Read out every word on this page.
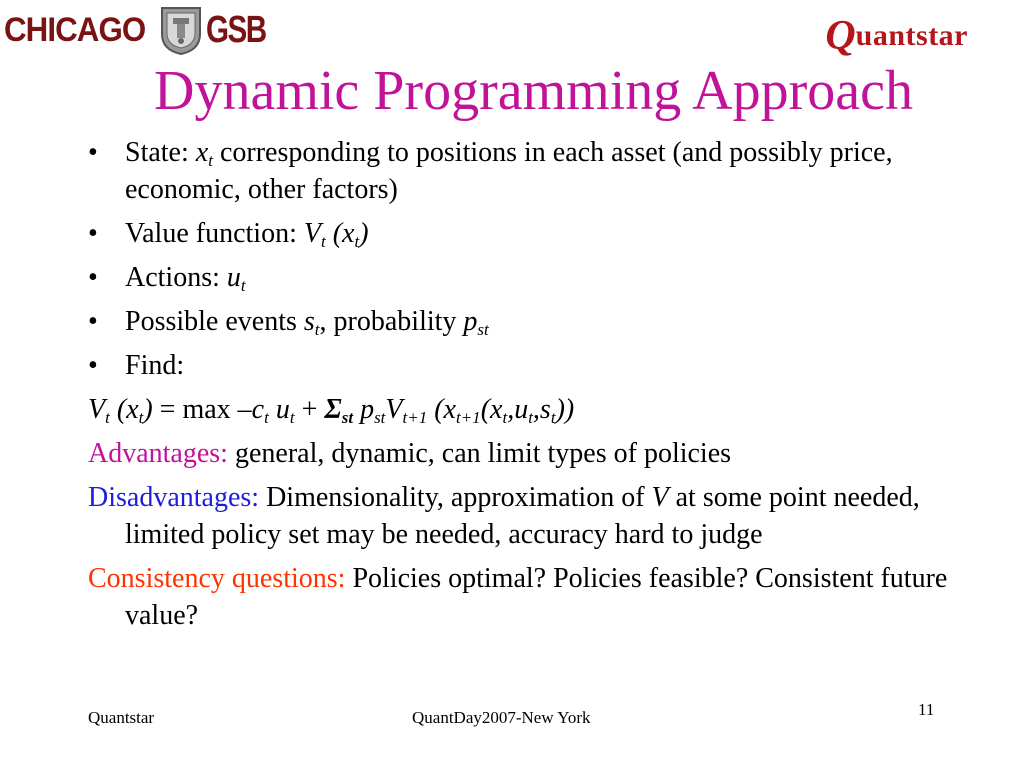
CHICAGO GSB	Q uantstar
Dynamic Programming Approach
• State: $x_t$ corresponding to positions in each asset (and possibly price, economic, other factors)
• Value function: $V_t$ $(x_t)$
• Actions: $u_t$
• Possible events $s_t$, probability $p_{st}$
• Find:
$V_t$ $(x_t) = \max -c_t$ $u_t + \Sigma_{st}$ $p_{st}V_{t+1}$ $(x_{t+1}(x_t,u_t,s_t))$
Advantages: general, dynamic, can limit types of policies
Disadvantages: Dimensionality, approximation of V at some point needed, limited policy set may be needed, accuracy hard to judge
Consistency questions: Policies optimal? Policies feasible? Consistent future value?
Quantstar	QuantDay2007-New York	11
